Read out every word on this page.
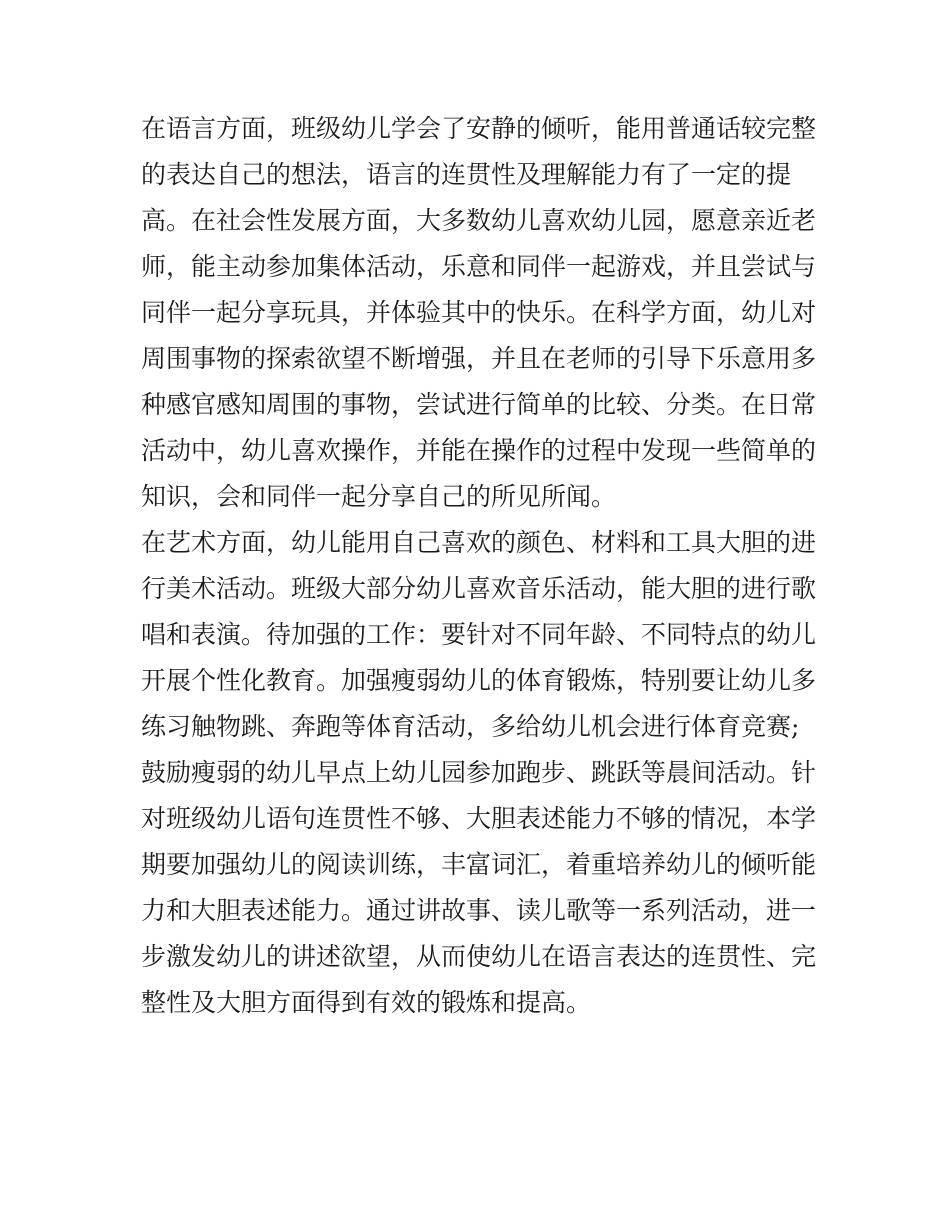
在语言方面，班级幼儿学会了安静的倾听，能用普通话较完整
的表达自己的想法，语言的连贯性及理解能力有了一定的提
高。在社会性发展方面，大多数幼儿喜欢幼儿园，愿意亲近老
师，能主动参加集体活动，乐意和同伴一起游戏，并且尝试与
同伴一起分享玩具，并体验其中的快乐。在科学方面，幼儿对
周围事物的探索欲望不断增强，并且在老师的引导下乐意用多
种感官感知周围的事物，尝试进行简单的比较、分类。在日常
活动中，幼儿喜欢操作，并能在操作的过程中发现一些简单的
知识，会和同伴一起分享自己的所见所闻。
在艺术方面，幼儿能用自己喜欢的颜色、材料和工具大胆的进
行美术活动。班级大部分幼儿喜欢音乐活动，能大胆的进行歌
唱和表演。待加强的工作：要针对不同年龄、不同特点的幼儿
开展个性化教育。加强瘦弱幼儿的体育锻炼，特别要让幼儿多
练习触物跳、奔跑等体育活动，多给幼儿机会进行体育竞赛;
鼓励瘦弱的幼儿早点上幼儿园参加跑步、跳跃等晨间活动。针
对班级幼儿语句连贯性不够、大胆表述能力不够的情况，本学
期要加强幼儿的阅读训练，丰富词汇，着重培养幼儿的倾听能
力和大胆表述能力。通过讲故事、读儿歌等一系列活动，进一
步激发幼儿的讲述欲望，从而使幼儿在语言表达的连贯性、完
整性及大胆方面得到有效的锻炼和提高。
